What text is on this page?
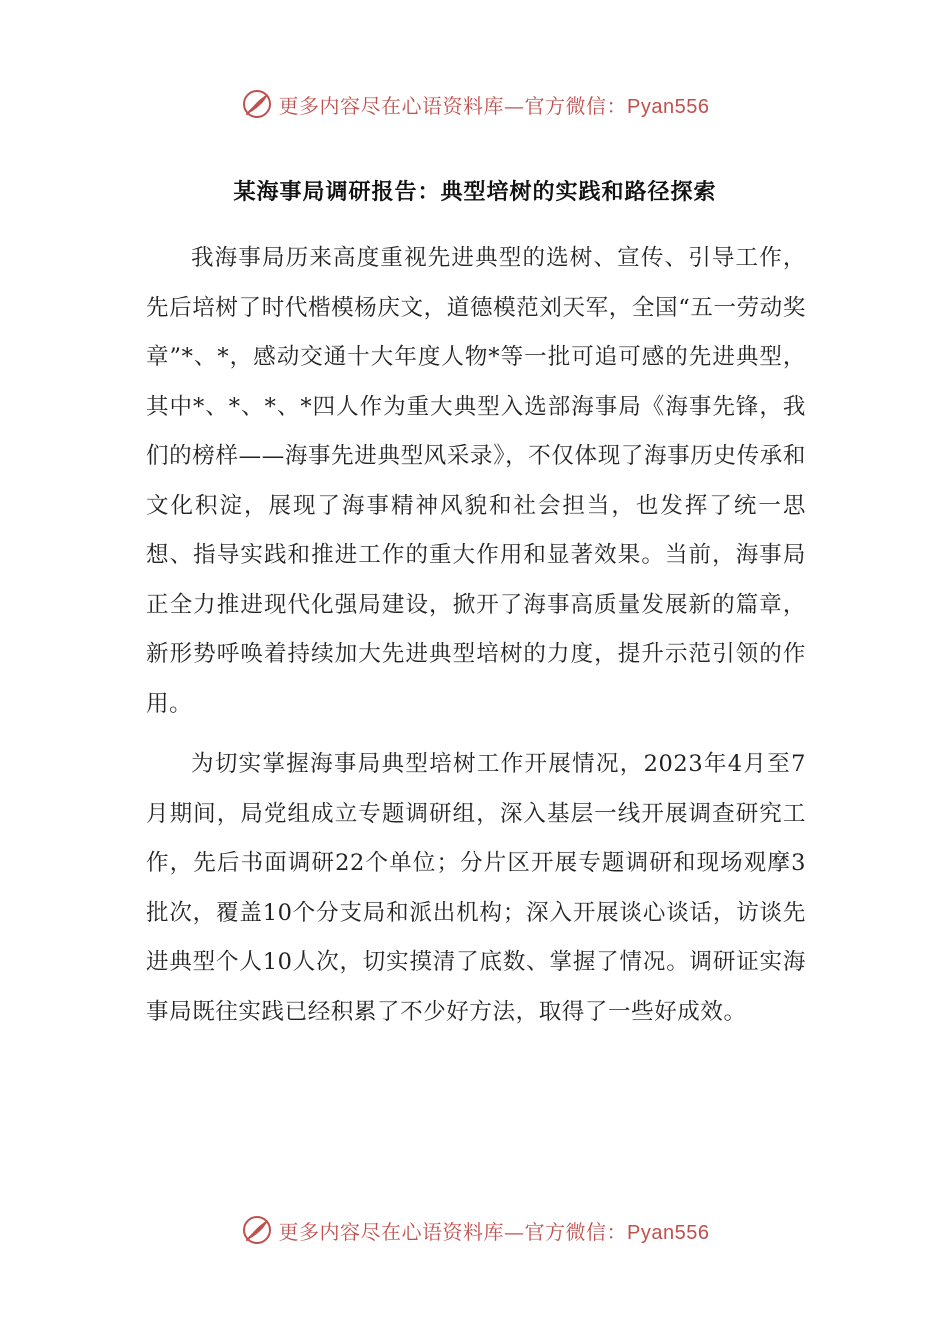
更多内容尽在心语资料库—官方微信：Pyan556
某海事局调研报告：典型培树的实践和路径探索

我海事局历来高度重视先进典型的选树、宣传、引导工作，先后培树了时代楷模杨庆文，道德模范刘天军，全国“五一劳动奖章”*、*，感动交通十大年度人物*等一批可追可感的先进典型，其中*、*、*、*四人作为重大典型入选部海事局《海事先锋，我们的榜样——海事先进典型风采录》，不仅体现了海事历史传承和文化积淀，展现了海事精神风貌和社会担当，也发挥了统一思想、指导实践和推进工作的重大作用和显著效果。当前，海事局正全力推进现代化强局建设，掀开了海事高质量发展新的篇章，新形势呼唤着持续加大先进典型培树的力度，提升示范引领的作用。

为切实掌握海事局典型培树工作开展情况，2023年4月至7月期间，局党组成立专题调研组，深入基层一线开展调查研究工作，先后书面调研22个单位；分片区开展专题调研和现场观摩3批次，覆盖10个分支局和派出机构；深入开展谈心谈话，访谈先进典型个人10人次，切实摸清了底数、掌握了情况。调研证实海事局既往实践已经积累了不少好方法，取得了一些好成效。

更多内容尽在心语资料库—官方微信：Pyan556
